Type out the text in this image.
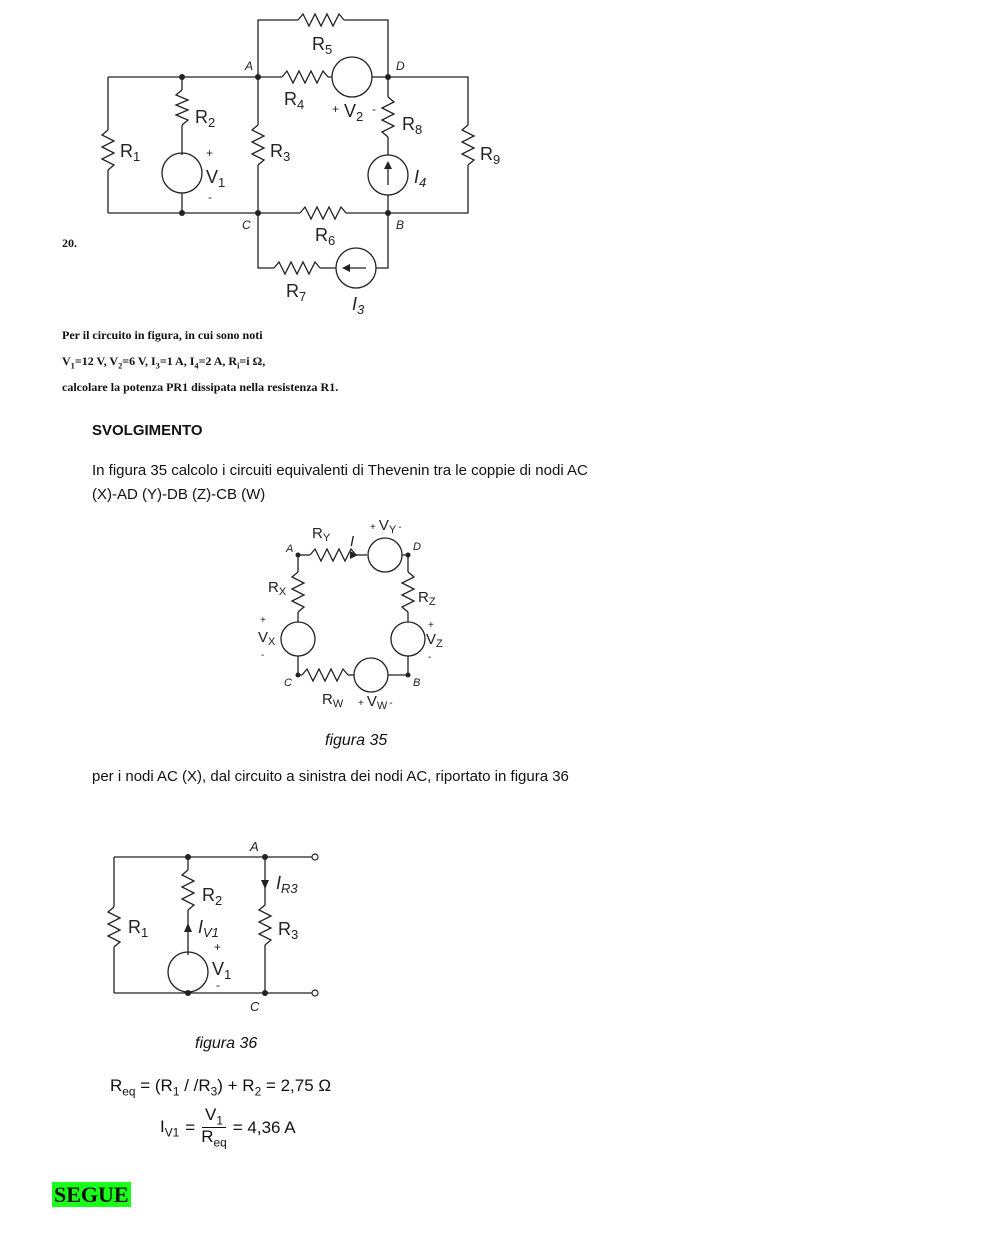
$R_5$
$R_4$
$R_2$
$R_1$	$R_3$
$R_8$
$R_9$
$R_6$
$R_7$	$I_3$
$I_4$
$V_1$
$V_2$
+
-
+	-
A	D
C	B
20.
Per il circuito in figura, in cui sono noti
$V_1=12$ V, $V_2=6$ V, $I_3=1$ A, $I_4=2$ A, $R_i=i$ Ω,
calcolare la potenza PR1 dissipata nella resistenza R1.
SVOLGIMENTO
In figura 35 calcolo i circuiti equivalenti di Thevenin tra le coppie di nodi AC
(X)-AD (Y)-DB (Z)-CB (W)
$R_Y$ I
+ $V_Y$ -
$R_X$
$V_X$
+
-
$R_Z$
$V_Z$
+
-
$R_W + V_W$ -
A	D
C	B
figura 35
per i nodi AC (X), dal circuito a sinistra dei nodi AC, riportato in figura 36
A
C
$R_1$
$R_2$
$R_3$
$I_{R3}$
$I_{V1}$
$V_1$
+
-
figura 36
$R_{eq} = (R_1 / /R_3) + R_2 = 2,75$ Ω
$I_{V1}$ =
$V_1$
$R_{eq}$
= 4,36 A
SEGUE
